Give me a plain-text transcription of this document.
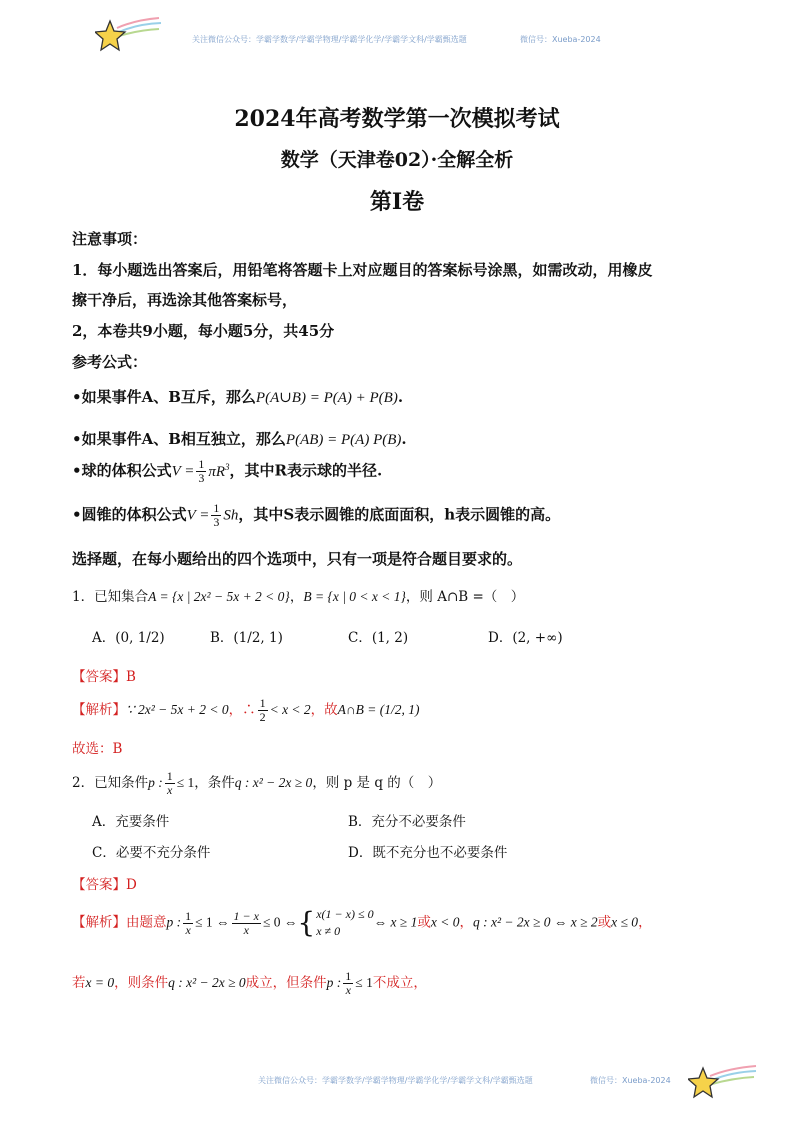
关注微信公众号：学霸学数学/学霸学物理/学霸学化学/学霸学文科/学霸甄选题	微信号：Xueba-2024
2024年高考数学第一次模拟考试
数学（天津卷02）·全解全析
第I卷
注意事项：
1．每小题选出答案后，用铅笔将答题卡上对应题目的答案标号涂黑，如需改动，用橡皮
擦干净后，再选涂其他答案标号，
2，本卷共9小题，每小题5分，共45分
参考公式：
•如果事件A、B互斥，那么P(A∪B) = P(A) + P(B).
•如果事件A、B相互独立，那么P(AB) = P(A) P(B).
•球的体积公式$V = \frac{1}{3} \pi R^3$，其中R表示球的半径.
•圆锥的体积公式$V = \frac{1}{3}$ Sh，其中S表示圆锥的底面面积，h表示圆锥的高。
选择题，在每小题给出的四个选项中，只有一项是符合题目要求的。
1．已知集合A = {x | 2x² − 5x + 2 < 0}，B = {x | 0 < x < 1}，则 A∩B =（　）
A．(0, 1/2)	B．(1/2, 1)	C．(1, 2)	D．(2, +∞)
【答案】B
【解析】∵ 2x² − 5x + 2 < 0，∴ $\frac{1}{2} < x < 2$，故A∩B = (1/2, 1)
故选：B
2．已知条件p : $\frac{1}{x} \le 1$，条件q : x² − 2x ≥ 0，则 p 是 q 的（　）
A．充要条件	B．充分不必要条件
C．必要不充分条件	D．既不充分也不必要条件
【答案】D
【解析】由题意p : $\frac{1}{x} \le 1$ ⇔ $\frac{1 - x}{x} \le 0$ ⇔{ x(1 − x) ≤ 0
x ≠ 0
⇔ x ≥ 1或x < 0，q : x² − 2x ≥ 0 ⇔ x ≥ 2或x ≤ 0，
若x = 0，则条件q : x² − 2x ≥ 0成立，但条件p : $\frac{1}{x} \le 1$不成立，
关注微信公众号：学霸学数学/学霸学物理/学霸学化学/学霸学文科/学霸甄选题	微信号：Xueba-2024
